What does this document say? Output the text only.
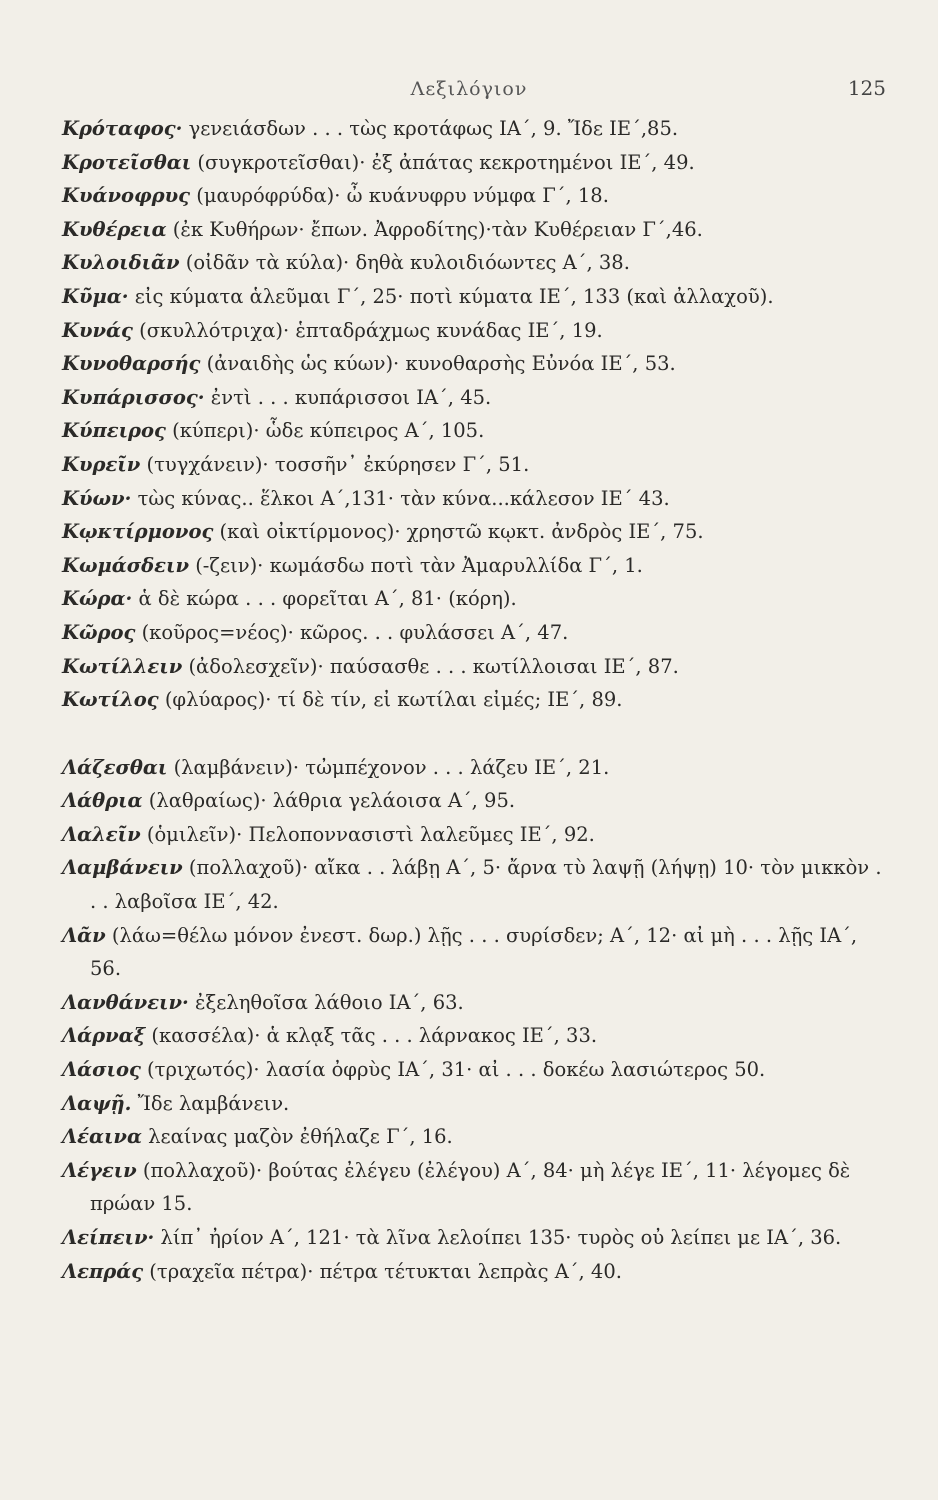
Λεξιλόγιον	125

Κρόταφος· γενειάσδων . . . τὼς κροτάφως ΙΑ΄, 9. Ἴδε ΙΕ΄,85.

Κροτεῖσθαι (συγκροτεῖσθαι)· ἐξ ἀπάτας κεκροτημένοι ΙΕ΄, 49.

Κυάνοφρυς (μαυρόφρύδα)· ὦ κυάνυφρυ νύμφα Γ΄, 18.

Κυθέρεια (ἐκ Κυθήρων· ἔπων. Ἀφροδίτης)·τὰν Κυθέρειαν Γ΄,46.

Κυλοιδιᾶν (οἰδᾶν τὰ κύλα)· δηθὰ κυλοιδιόωντες Α΄, 38.

Κῦμα· εἰς κύματα ἁλεῦμαι Γ΄, 25· ποτὶ κύματα ΙΕ΄, 133 (καὶ ἀλλαχοῦ).

Κυνάς (σκυλλότριχα)· ἑπταδράχμως κυνάδας ΙΕ΄, 19.

Κυνοθαρσής (ἀναιδὴς ὡς κύων)· κυνοθαρσὴς Εὐνόα ΙΕ΄, 53.

Κυπάρισσος· ἐντὶ . . . κυπάρισσοι ΙΑ΄, 45.

Κύπειρος (κύπερι)· ὧδε κύπειρος Α΄, 105.

Κυρεῖν (τυγχάνειν)· τοσσῆν᾽ ἐκύρησεν Γ΄, 51.

Κύων· τὼς κύνας.. ἕλκοι Α΄,131· τὰν κύνα...κάλεσον ΙΕ΄ 43.

Κῳκτίρμονος (καὶ οἰκτίρμονος)· χρηστῶ κῳκτ. ἀνδρὸς ΙΕ΄, 75.

Κωμάσδειν (-ζειν)· κωμάσδω ποτὶ τὰν Ἀμαρυλλίδα Γ΄, 1.

Κώρα· ἁ δὲ κώρα . . . φορεῖται Α΄, 81· (κόρη).

Κῶρος (κοῦρος=νέος)· κῶρος. . . φυλάσσει Α΄, 47.

Κωτίλλειν (ἀδολεσχεῖν)· παύσασθε . . . κωτίλλοισαι ΙΕ΄, 87.

Κωτίλος (φλύαρος)· τί δὲ τίν, εἰ κωτίλαι εἰμές; ΙΕ΄, 89.

Λάζεσθαι (λαμβάνειν)· τὠμπέχονον . . . λάζευ ΙΕ΄, 21.

Λάθρια (λαθραίως)· λάθρια γελάοισα Α΄, 95.

Λαλεῖν (ὁμιλεῖν)· Πελοποννασιστὶ λαλεῦμες ΙΕ΄, 92.

Λαμβάνειν (πολλαχοῦ)· αἴκα . . λάβῃ Α΄, 5· ἄρνα τὺ λαψῇ (λήψῃ) 10· τὸν μικκὸν . . . λαβοῖσα ΙΕ΄, 42.

Λᾶν (λάω=θέλω μόνον ἐνεστ. δωρ.) λῇς . . . συρίσδεν; Α΄, 12· αἰ μὴ . . . λῇς ΙΑ΄, 56.

Λανθάνειν· ἐξεληθοῖσα λάθοιο ΙΑ΄, 63.

Λάρναξ (κασσέλα)· ἁ κλᾳξ τᾶς . . . λάρνακος ΙΕ΄, 33.

Λάσιος (τριχωτός)· λασία ὀφρὺς ΙΑ΄, 31· αἰ . . . δοκέω λασιώτερος 50.

Λαψῇ. Ἴδε λαμβάνειν.

Λέαινα λεαίνας μαζὸν ἐθήλαζε Γ΄, 16.

Λέγειν (πολλαχοῦ)· βούτας ἐλέγευ (ἐλέγου) Α΄, 84· μὴ λέγε ΙΕ΄, 11· λέγομες δὲ πρώαν 15.

Λείπειν· λίπ᾽ ἠρίον Α΄, 121· τὰ λῖνα λελοίπει 135· τυρὸς οὐ λείπει με ΙΑ΄, 36.

Λεπράς (τραχεῖα πέτρα)· πέτρα τέτυκται λεπρὰς Α΄, 40.
